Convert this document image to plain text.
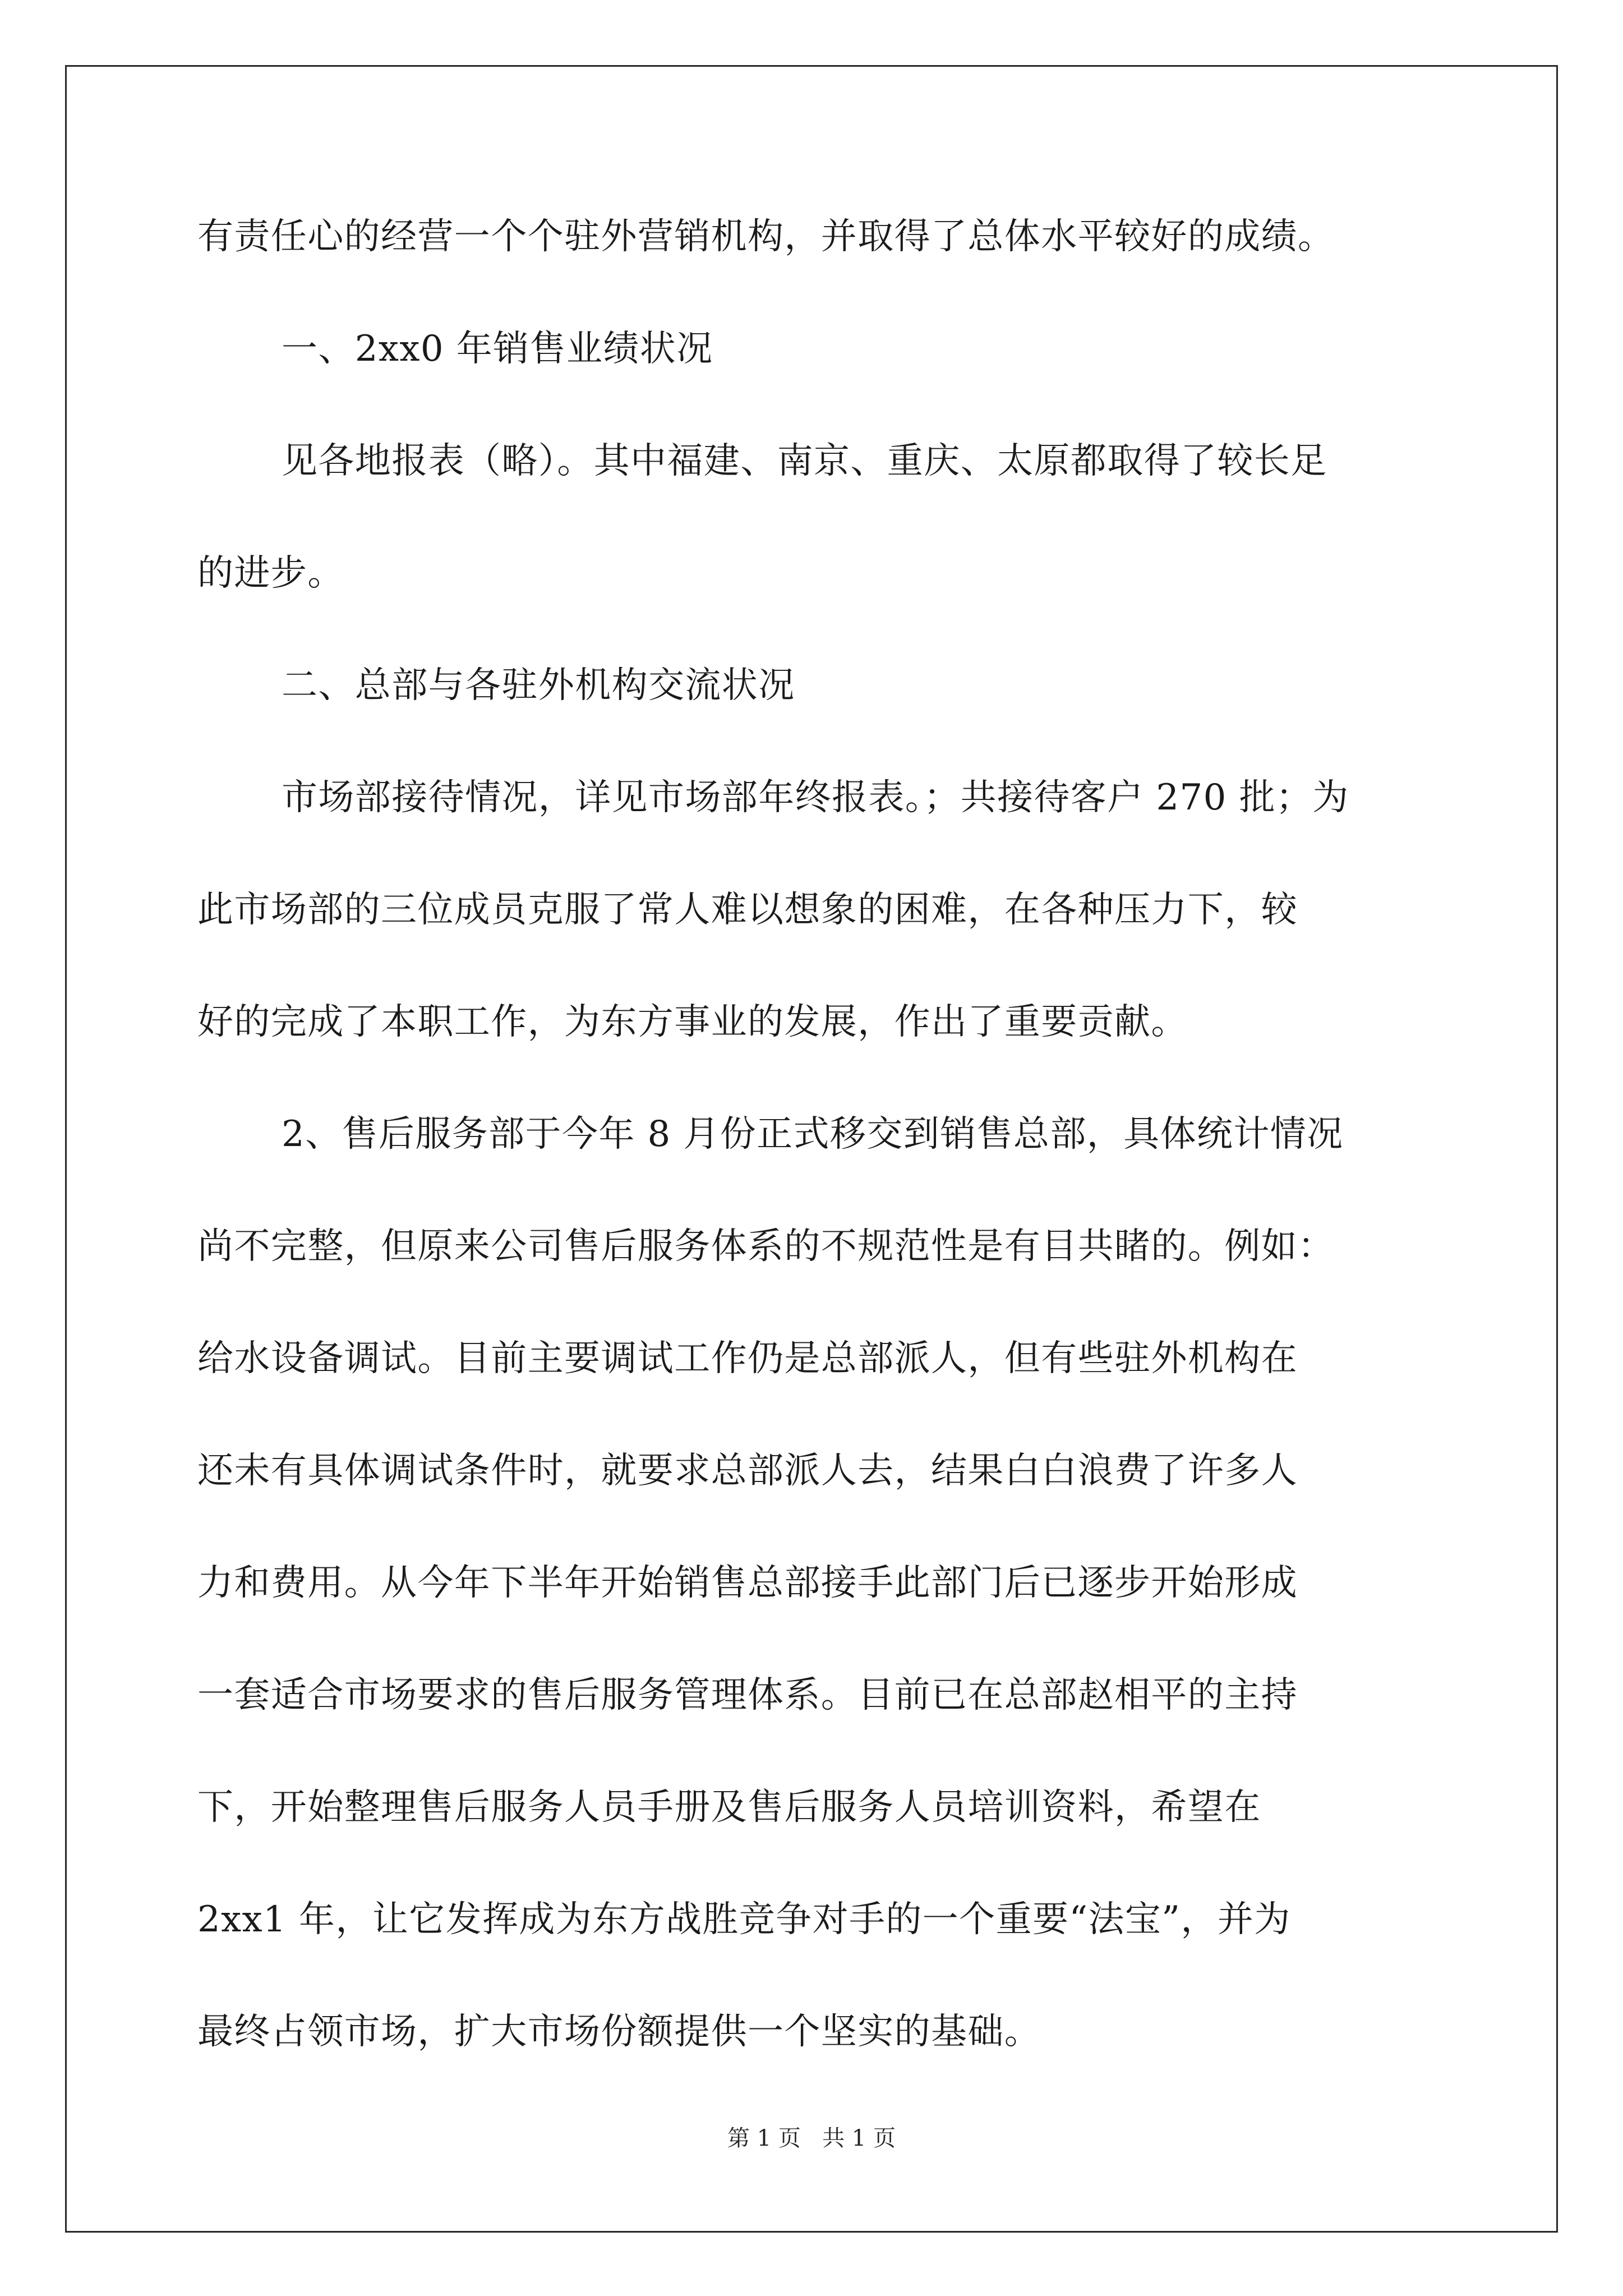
有责任心的经营一个个驻外营销机构，并取得了总体水平较好的成绩。
一、2xx0 年销售业绩状况
见各地报表（略）。其中福建、南京、重庆、太原都取得了较长足
的进步。
二、总部与各驻外机构交流状况
市场部接待情况，详见市场部年终报表。；共接待客户 270 批；为
此市场部的三位成员克服了常人难以想象的困难，在各种压力下，较
好的完成了本职工作，为东方事业的发展，作出了重要贡献。
2、售后服务部于今年 8 月份正式移交到销售总部，具体统计情况
尚不完整，但原来公司售后服务体系的不规范性是有目共睹的。例如：
给水设备调试。目前主要调试工作仍是总部派人，但有些驻外机构在
还未有具体调试条件时，就要求总部派人去，结果白白浪费了许多人
力和费用。从今年下半年开始销售总部接手此部门后已逐步开始形成
一套适合市场要求的售后服务管理体系。目前已在总部赵相平的主持
下，开始整理售后服务人员手册及售后服务人员培训资料，希望在
2xx1 年，让它发挥成为东方战胜竞争对手的一个重要“法宝”，并为
最终占领市场，扩大市场份额提供一个坚实的基础。
第 1 页   共 1 页
